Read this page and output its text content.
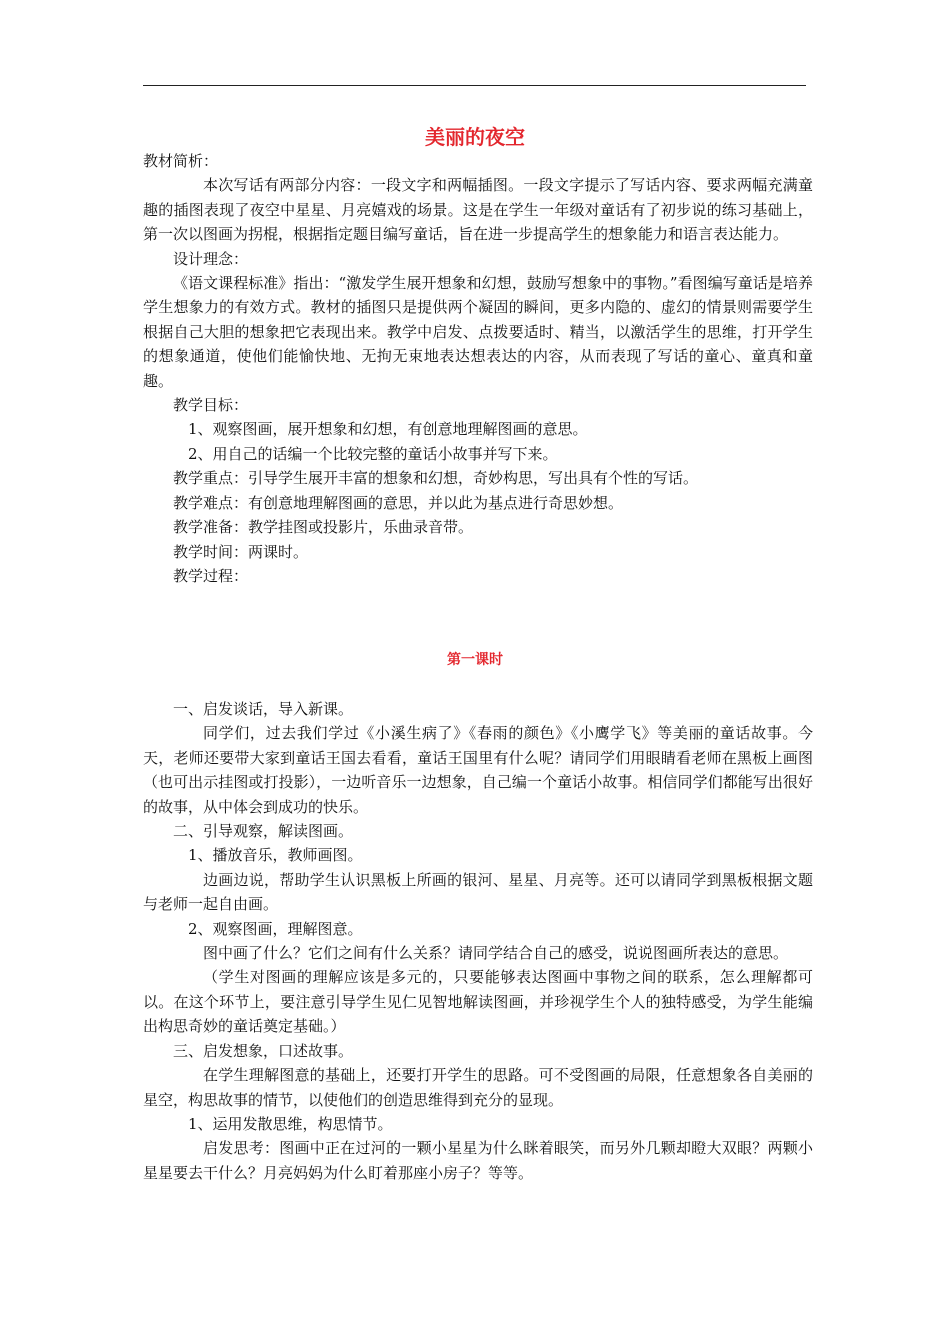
美丽的夜空

教材简析：

本次写话有两部分内容：一段文字和两幅插图。一段文字提示了写话内容、要求两幅充满童趣的插图表现了夜空中星星、月亮嬉戏的场景。这是在学生一年级对童话有了初步说的练习基础上，第一次以图画为拐棍，根据指定题目编写童话，旨在进一步提高学生的想象能力和语言表达能力。

设计理念：

《语文课程标准》指出：“激发学生展开想象和幻想，鼓励写想象中的事物。”看图编写童话是培养学生想象力的有效方式。教材的插图只是提供两个凝固的瞬间，更多内隐的、虚幻的情景则需要学生根据自己大胆的想象把它表现出来。教学中启发、点拨要适时、精当，以激活学生的思维，打开学生的想象通道，使他们能愉快地、无拘无束地表达想表达的内容，从而表现了写话的童心、童真和童趣。

教学目标：

1、观察图画，展开想象和幻想，有创意地理解图画的意思。

2、用自己的话编一个比较完整的童话小故事并写下来。

教学重点：引导学生展开丰富的想象和幻想，奇妙构思，写出具有个性的写话。

教学难点：有创意地理解图画的意思，并以此为基点进行奇思妙想。

教学准备：教学挂图或投影片，乐曲录音带。

教学时间：两课时。

教学过程：

第一课时

一、启发谈话，导入新课。

同学们，过去我们学过《小溪生病了》《春雨的颜色》《小鹰学飞》等美丽的童话故事。今天，老师还要带大家到童话王国去看看，童话王国里有什么呢？请同学们用眼睛看老师在黑板上画图（也可出示挂图或打投影），一边听音乐一边想象，自己编一个童话小故事。相信同学们都能写出很好的故事，从中体会到成功的快乐。

二、引导观察，解读图画。

1、播放音乐，教师画图。

边画边说，帮助学生认识黑板上所画的银河、星星、月亮等。还可以请同学到黑板根据文题与老师一起自由画。

2、观察图画，理解图意。

图中画了什么？它们之间有什么关系？请同学结合自己的感受，说说图画所表达的意思。

（学生对图画的理解应该是多元的，只要能够表达图画中事物之间的联系，怎么理解都可以。在这个环节上，要注意引导学生见仁见智地解读图画，并珍视学生个人的独特感受，为学生能编出构思奇妙的童话奠定基础。）

三、启发想象，口述故事。

在学生理解图意的基础上，还要打开学生的思路。可不受图画的局限，任意想象各自美丽的星空，构思故事的情节，以使他们的创造思维得到充分的显现。

1、运用发散思维，构思情节。

启发思考：图画中正在过河的一颗小星星为什么眯着眼笑，而另外几颗却瞪大双眼？两颗小星星要去干什么？月亮妈妈为什么盯着那座小房子？等等。
